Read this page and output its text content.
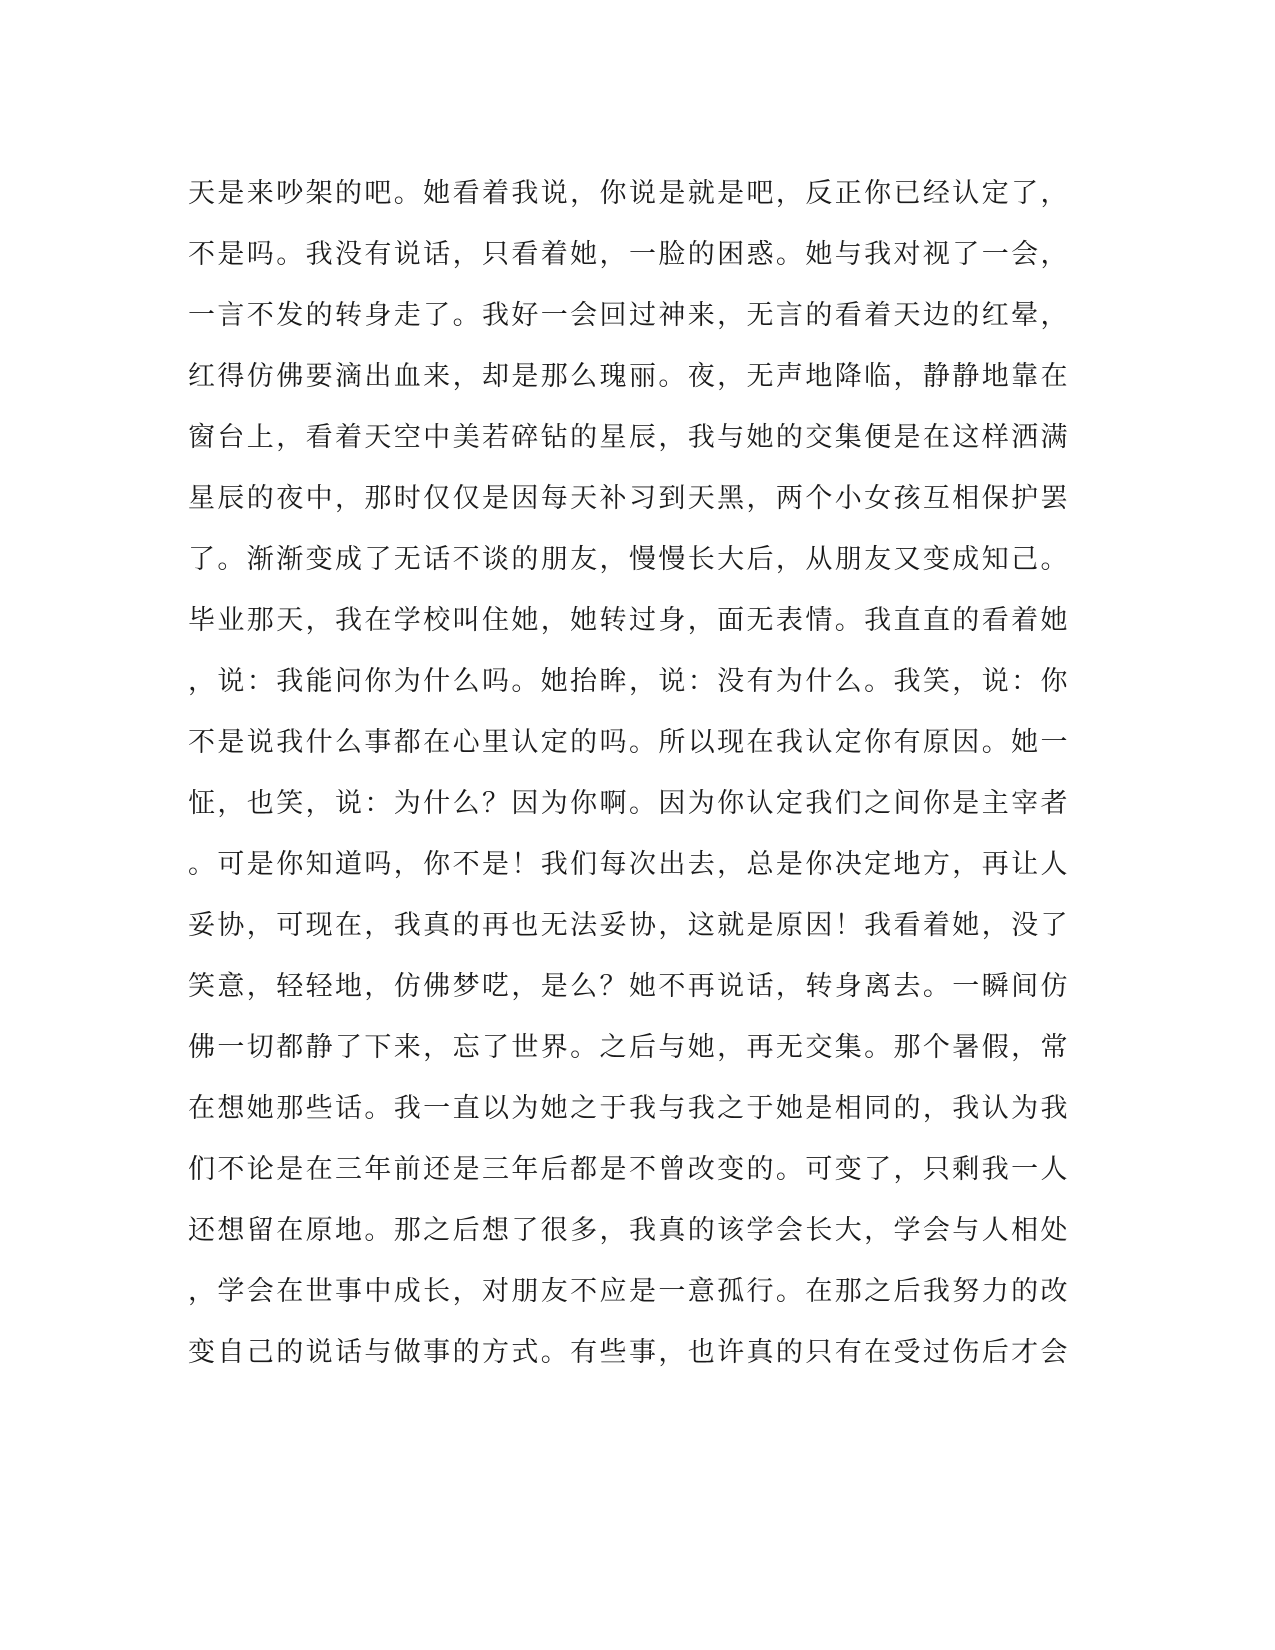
天是来吵架的吧。她看着我说，你说是就是吧，反正你已经认定了，
不是吗。我没有说话，只看着她，一脸的困惑。她与我对视了一会，
一言不发的转身走了。我好一会回过神来，无言的看着天边的红晕，
红得仿佛要滴出血来，却是那么瑰丽。夜，无声地降临，静静地靠在
窗台上，看着天空中美若碎钻的星辰，我与她的交集便是在这样洒满
星辰的夜中，那时仅仅是因每天补习到天黑，两个小女孩互相保护罢
了。渐渐变成了无话不谈的朋友，慢慢长大后，从朋友又变成知己。
毕业那天，我在学校叫住她，她转过身，面无表情。我直直的看着她
，说：我能问你为什么吗。她抬眸，说：没有为什么。我笑，说：你
不是说我什么事都在心里认定的吗。所以现在我认定你有原因。她一
怔，也笑，说：为什么？因为你啊。因为你认定我们之间你是主宰者
。可是你知道吗，你不是！我们每次出去，总是你决定地方，再让人
妥协，可现在，我真的再也无法妥协，这就是原因！我看着她，没了
笑意，轻轻地，仿佛梦呓，是么？她不再说话，转身离去。一瞬间仿
佛一切都静了下来，忘了世界。之后与她，再无交集。那个暑假，常
在想她那些话。我一直以为她之于我与我之于她是相同的，我认为我
们不论是在三年前还是三年后都是不曾改变的。可变了，只剩我一人
还想留在原地。那之后想了很多，我真的该学会长大，学会与人相处
，学会在世事中成长，对朋友不应是一意孤行。在那之后我努力的改
变自己的说话与做事的方式。有些事，也许真的只有在受过伤后才会
